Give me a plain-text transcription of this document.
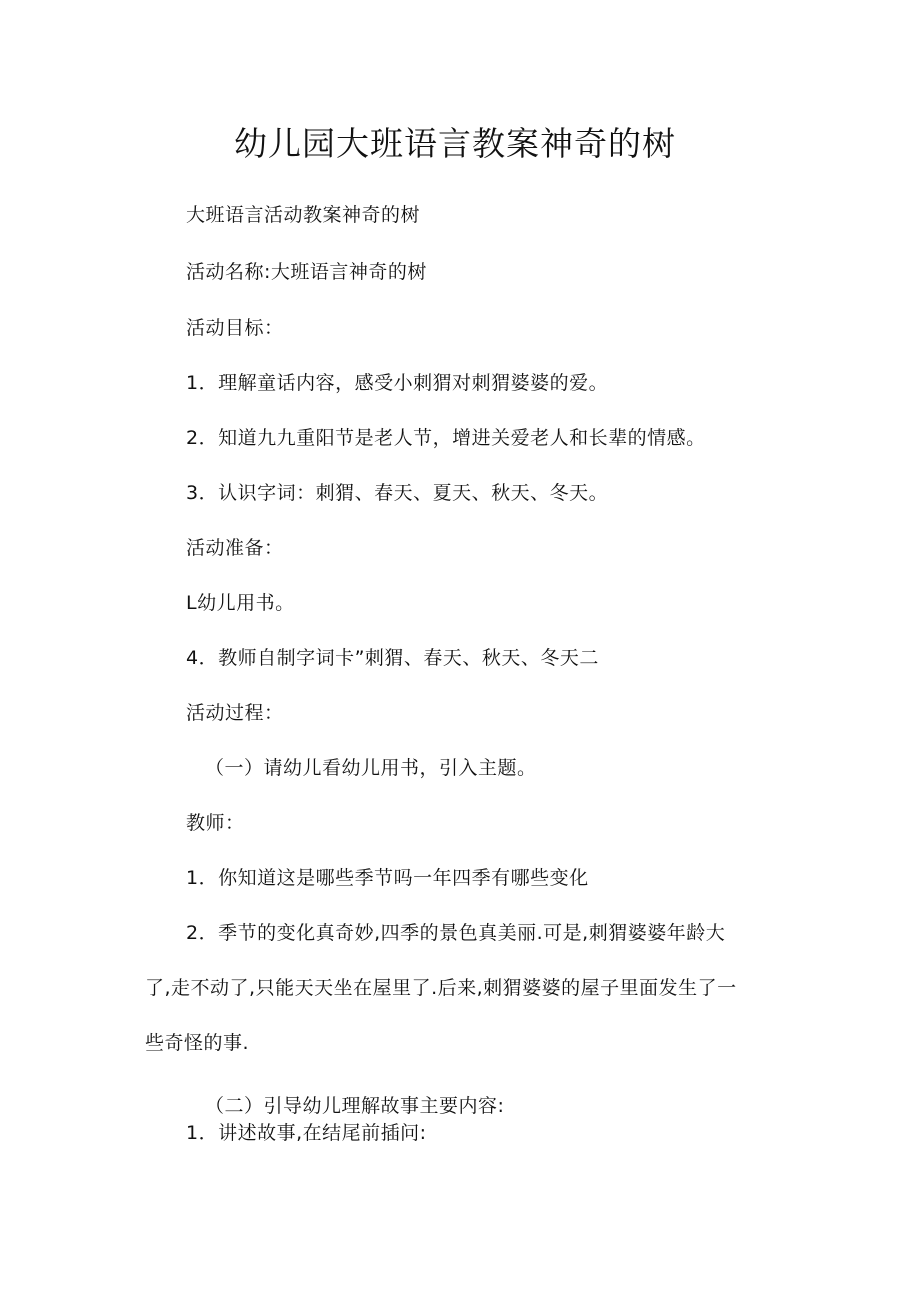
幼儿园大班语言教案神奇的树
大班语言活动教案神奇的树
活动名称:大班语言神奇的树
活动目标：
1．理解童话内容，感受小刺猬对刺猬婆婆的爱。
2．知道九九重阳节是老人节，增进关爱老人和长辈的情感。
3．认识字词：刺猬、春天、夏天、秋天、冬天。
活动准备：
L幼儿用书。
4．教师自制字词卡”刺猬、春天、秋天、冬天二
活动过程：
（一）请幼儿看幼儿用书，引入主题。
教师：
1．你知道这是哪些季节吗一年四季有哪些变化
2．季节的变化真奇妙,四季的景色真美丽.可是,刺猬婆婆年龄大
了,走不动了,只能天天坐在屋里了.后来,刺猬婆婆的屋子里面发生了一
些奇怪的事.
（二）引导幼儿理解故事主要内容:
1．讲述故事,在结尾前插问:
